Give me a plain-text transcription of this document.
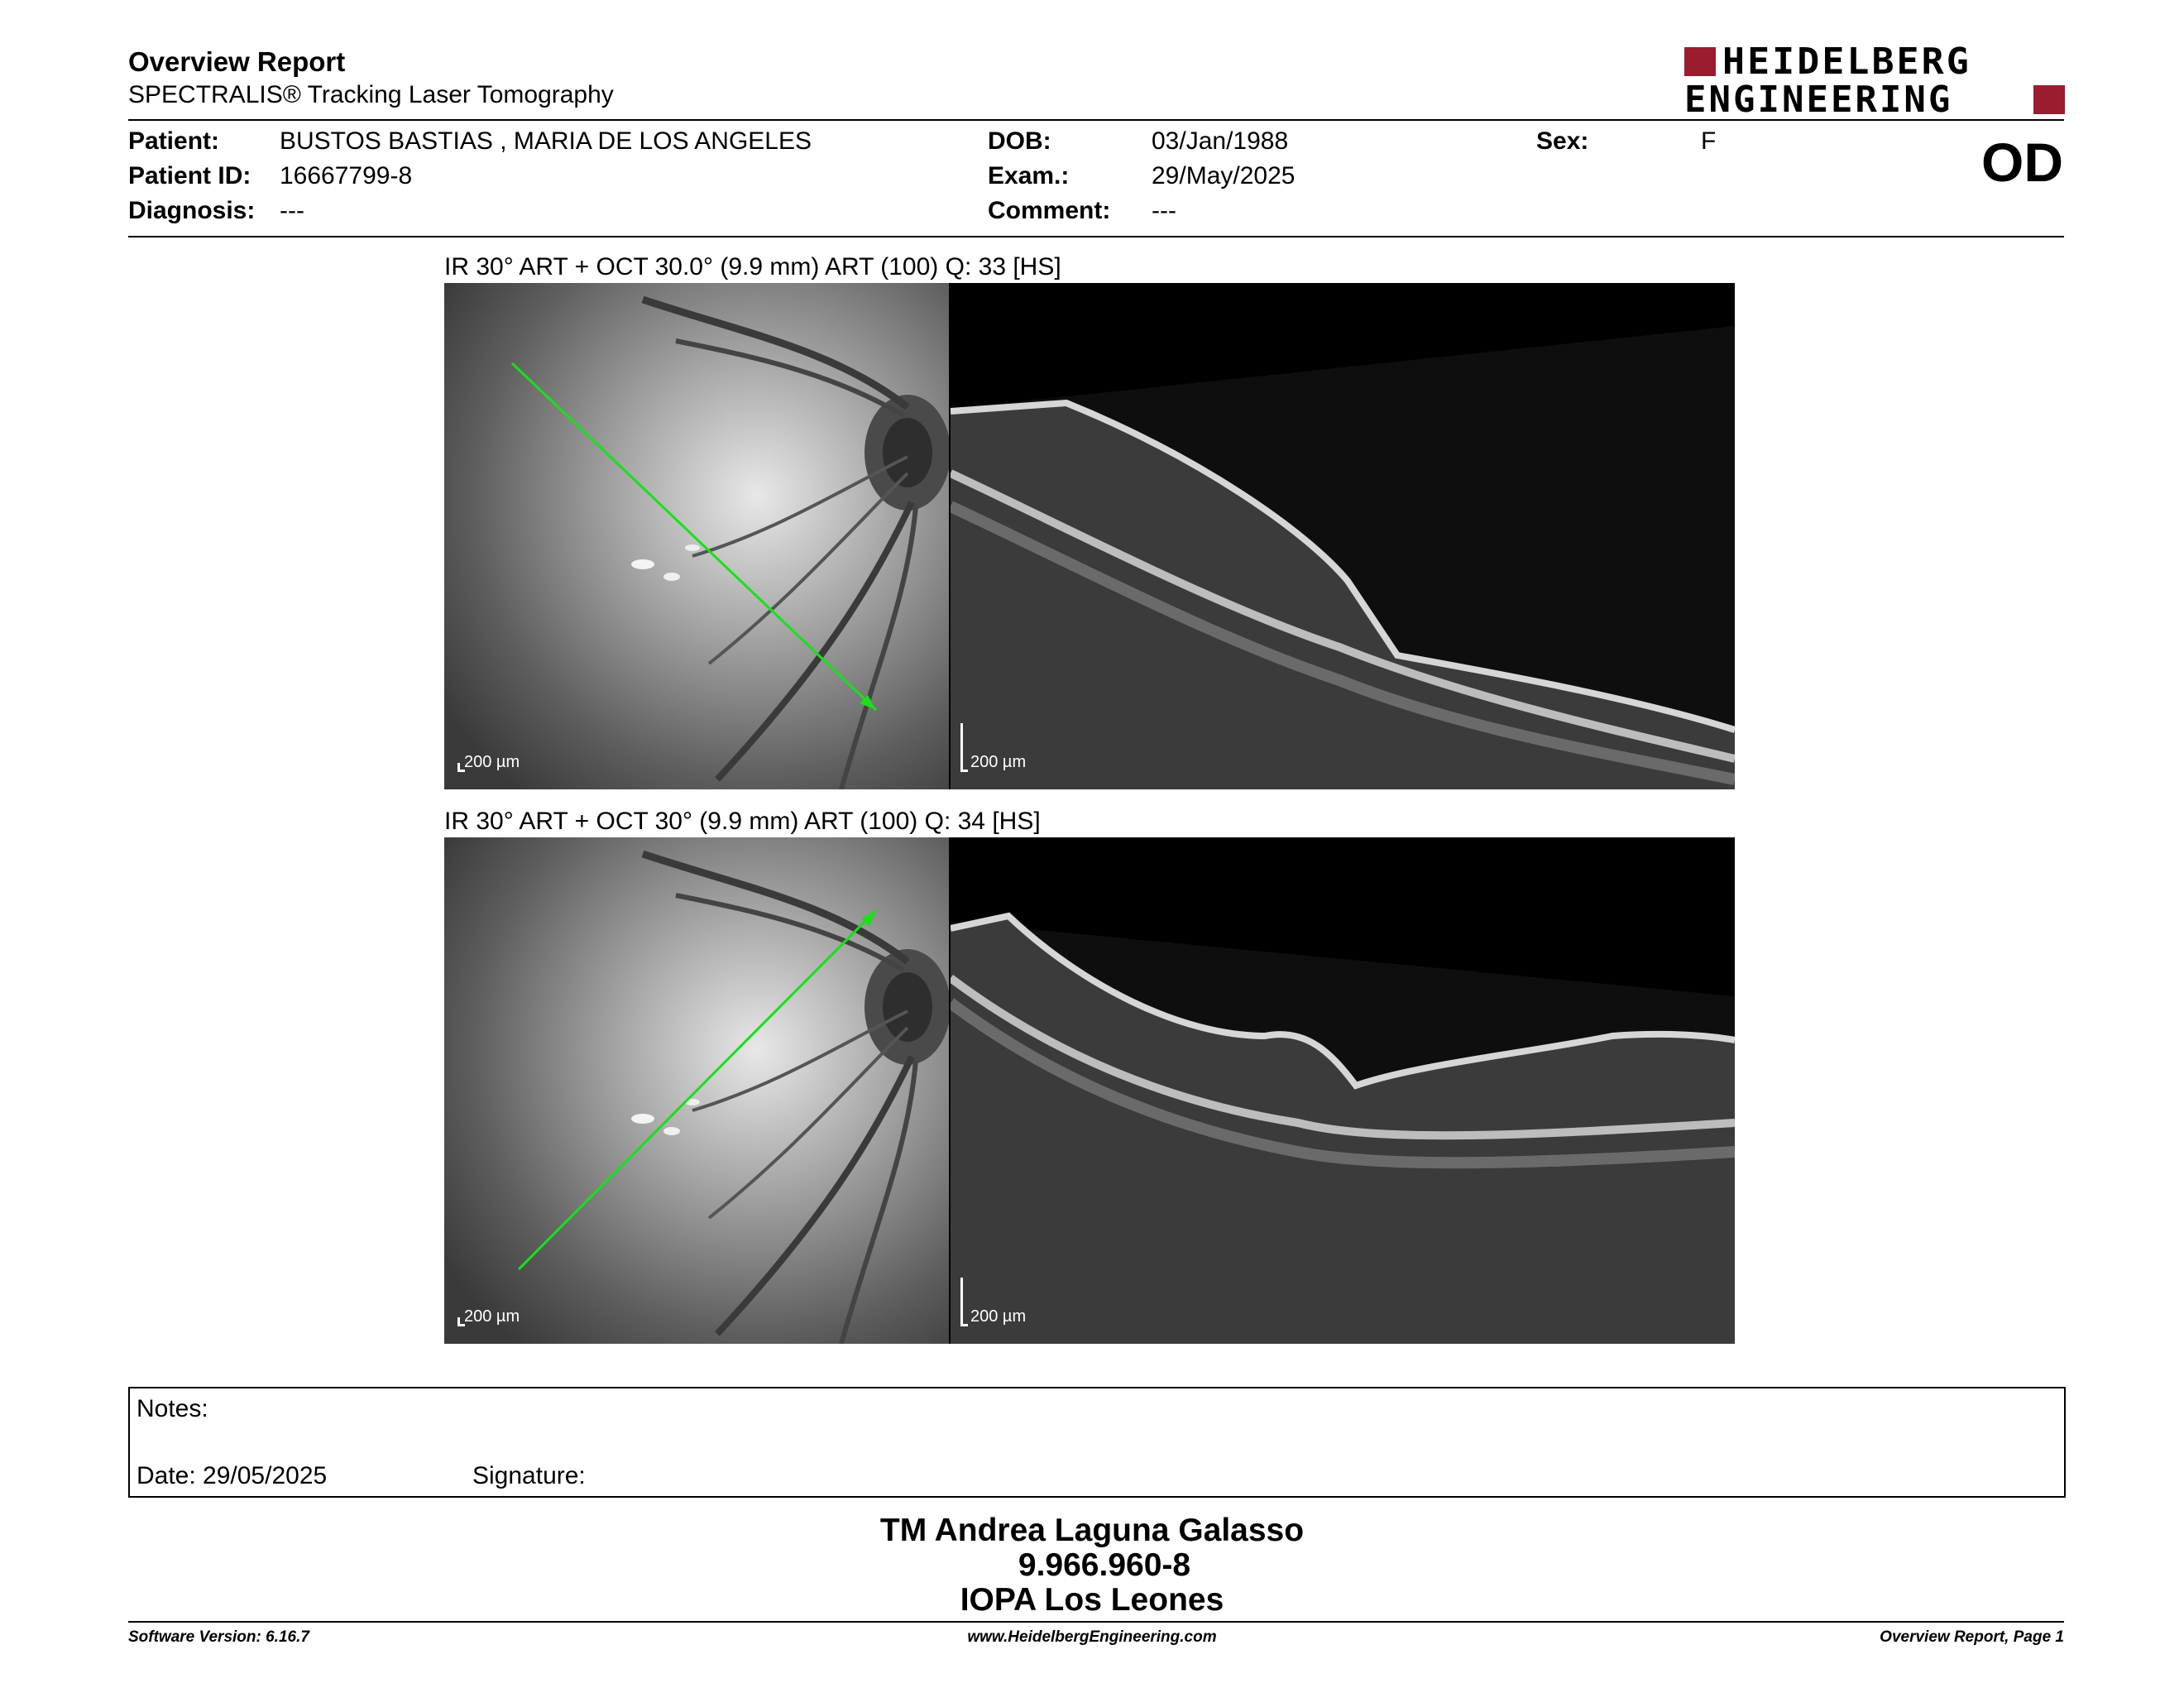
Overview Report
SPECTRALIS® Tracking Laser Tomography
HEIDELBERG
ENGINEERING
Patient: BUSTOS BASTIAS , MARIA DE LOS ANGELES
Patient ID: 16667799-8
Diagnosis: ---
DOB:	03/Jan/1988
Exam.:	29/May/2025
Comment: ---
Sex:	F	OD
IR 30° ART + OCT 30.0° (9.9 mm) ART (100) Q: 33 [HS]
200 µm	200 µm
IR 30° ART + OCT 30° (9.9 mm) ART (100) Q: 34 [HS]
200 µm	200 µm
Notes:
Date: 29/05/2025	Signature:
TM Andrea Laguna Galasso
9.966.960-8
IOPA Los Leones
Software Version: 6.16.7	www.HeidelbergEngineering.com	Overview Report, Page 1
